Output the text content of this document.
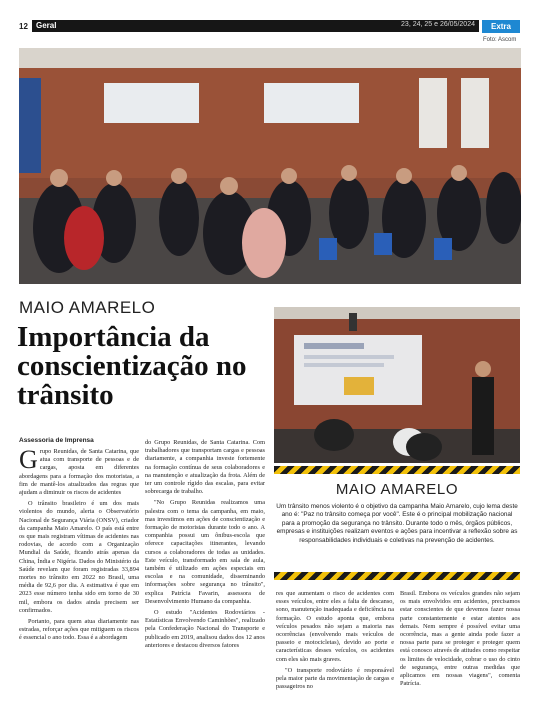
12 Geral	23, 24, 25 e 26/05/2024	Extra
Foto: Ascom
MAIO AMARELO
Importância da conscientização no trânsito
Assessoria de Imprensa

Grupo Reunidas, de Santa Catarina, que atua com transporte de pessoas e de cargas, aposta em diferentes abordagens para a formação dos motoristas, a fim de mantê-los atualizados das regras que ajudam a diminuir os riscos de acidentes

O trânsito brasileiro é um dos mais violentos do mundo, alerta o Observatório Nacional de Segurança Viária (ONSV), criador da campanha Maio Amarelo. O país está entre os que mais registram vítimas de acidentes nas rodovias, de acordo com a Organização Mundial da Saúde, ficando atrás apenas da China, Índia e Nigéria. Dados do Ministério da Saúde revelam que foram registradas 33,894 mortes no trânsito em 2022 no Brasil, uma média de 92,6 por dia. A estimativa é que em 2023 esse número tenha sido em torno de 30 mil, embora os dados ainda precisem ser confirmados.

Portanto, para quem atua diariamente nas estradas, reforçar ações que mitiguem os riscos é essencial o ano todo. Essa é a abordagem

do Grupo Reunidas, de Santa Catarina. Com trabalhadores que transportam cargas e pessoas diariamente, a companhia investe fortemente na formação contínua de seus colaboradores e na manutenção e atualização da frota. Além de ter um controle rígido das escalas, para evitar sobrecarga de trabalho.

"No Grupo Reunidas realizamos uma palestra com o tema da campanha, em maio, mas investimos em ações de conscientização e formação de motoristas durante todo o ano. A companhia possui um ônibus-escola que oferece capacitações itinerantes, levando cursos a colaboradores de todas as unidades. Este veículo, transformado em sala de aula, também é utilizado em ações especiais em escolas e na comunidade, disseminando informações sobre segurança no trânsito", explica Patrícia Favarin, assessora de Desenvolvimento Humano da companhia.

O estudo "Acidentes Rodoviários - Estatísticas Envolvendo Caminhões", realizado pela Confederação Nacional do Transporte e publicado em 2019, analisou dados dos 12 anos anteriores e destacou diversos fatores

MAIO AMARELO
Um trânsito menos violento é o objetivo da campanha Maio Amarelo, cujo lema deste ano é: "Paz no trânsito começa por você". Este é o principal mobilização nacional para a promoção da segurança no trânsito. Durante todo o mês, órgãos públicos, empresas e instituições realizam eventos e ações para incentivar a reflexão sobre as responsabilidades individuais e coletivas na prevenção de acidentes.

res que aumentam o risco de acidentes com esses veículos, entre eles a falta de descanso, sono, manutenção inadequada e deficiência na formação. O estudo aponta que, embora veículos pesados não sejam a maioria nas ocorrências (envolvendo mais veículos de passeio e motocicletas), devido ao porte e características desses veículos, os acidentes com eles são mais graves.

"O transporte rodoviário é responsável pela maior parte da movimentação de cargas e passageiros no

Brasil. Embora os veículos grandes não sejam os mais envolvidos em acidentes, precisamos estar conscientes de que devemos fazer nossa parte constantemente e estar atentos aos demais. Nem sempre é possível evitar uma ocorrência, mas a gente ainda pode fazer a nossa parte para se proteger e proteger quem está conosco através de atitudes como respeitar os limites de velocidade, cobrar o uso do cinto de segurança, entre outras medidas que aplicamos em nossas viagens", comenta Patrícia.
